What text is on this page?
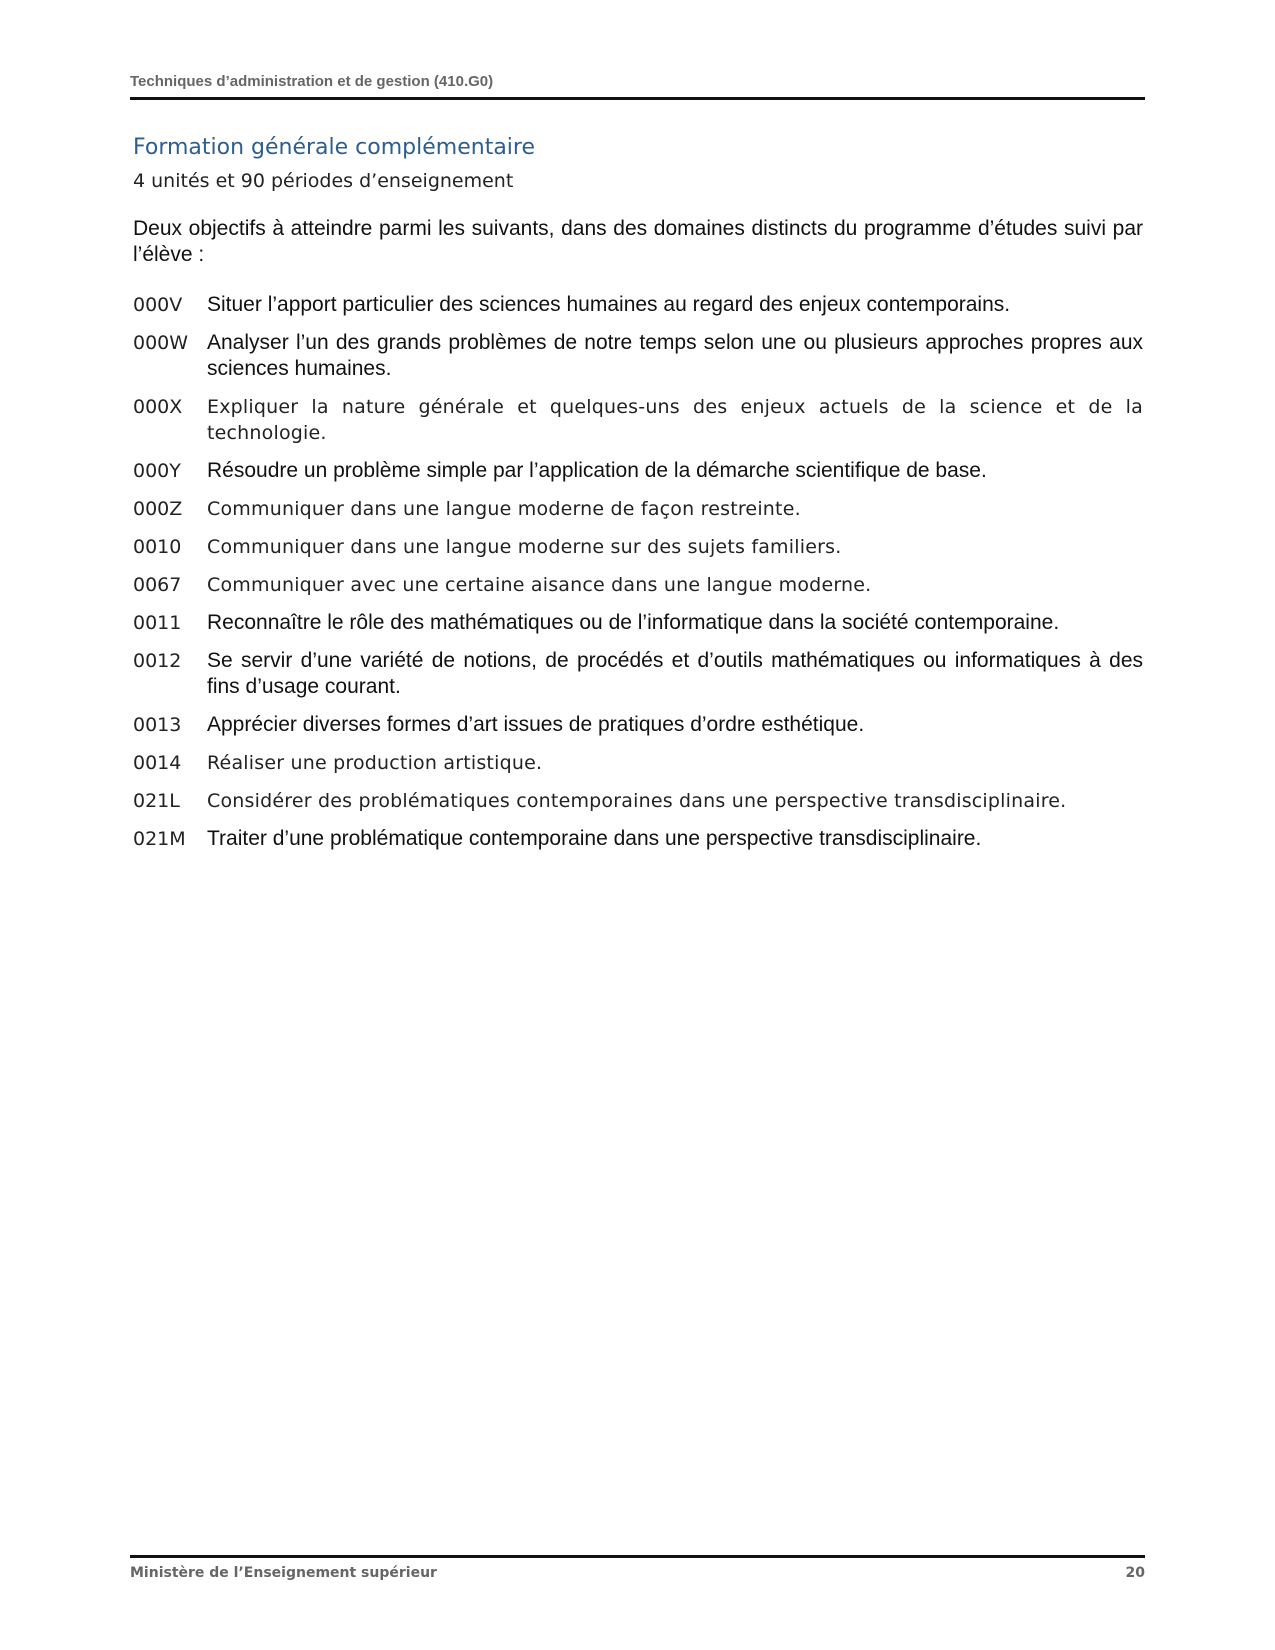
Techniques d’administration et de gestion (410.G0)
Formation générale complémentaire

4 unités et 90 périodes d’enseignement

Deux objectifs à atteindre parmi les suivants, dans des domaines distincts du programme d’études suivi par l’élève :

000V	Situer l’apport particulier des sciences humaines au regard des enjeux contemporains.
000W Analyser l’un des grands problèmes de notre temps selon une ou plusieurs approches propres aux sciences humaines.
000X	Expliquer la nature générale et quelques-uns des enjeux actuels de la science et de la technologie.
000Y	Résoudre un problème simple par l’application de la démarche scientifique de base.
000Z	Communiquer dans une langue moderne de façon restreinte.
0010	Communiquer dans une langue moderne sur des sujets familiers.
0067	Communiquer avec une certaine aisance dans une langue moderne.
0011	Reconnaître le rôle des mathématiques ou de l’informatique dans la société contemporaine.
0012	Se servir d’une variété de notions, de procédés et d’outils mathématiques ou informatiques à des fins d’usage courant.
0013	Apprécier diverses formes d’art issues de pratiques d’ordre esthétique.
0014	Réaliser une production artistique.
021L	Considérer des problématiques contemporaines dans une perspective transdisciplinaire.
021M	Traiter d’une problématique contemporaine dans une perspective transdisciplinaire.
Ministère de l’Enseignement supérieur	20
